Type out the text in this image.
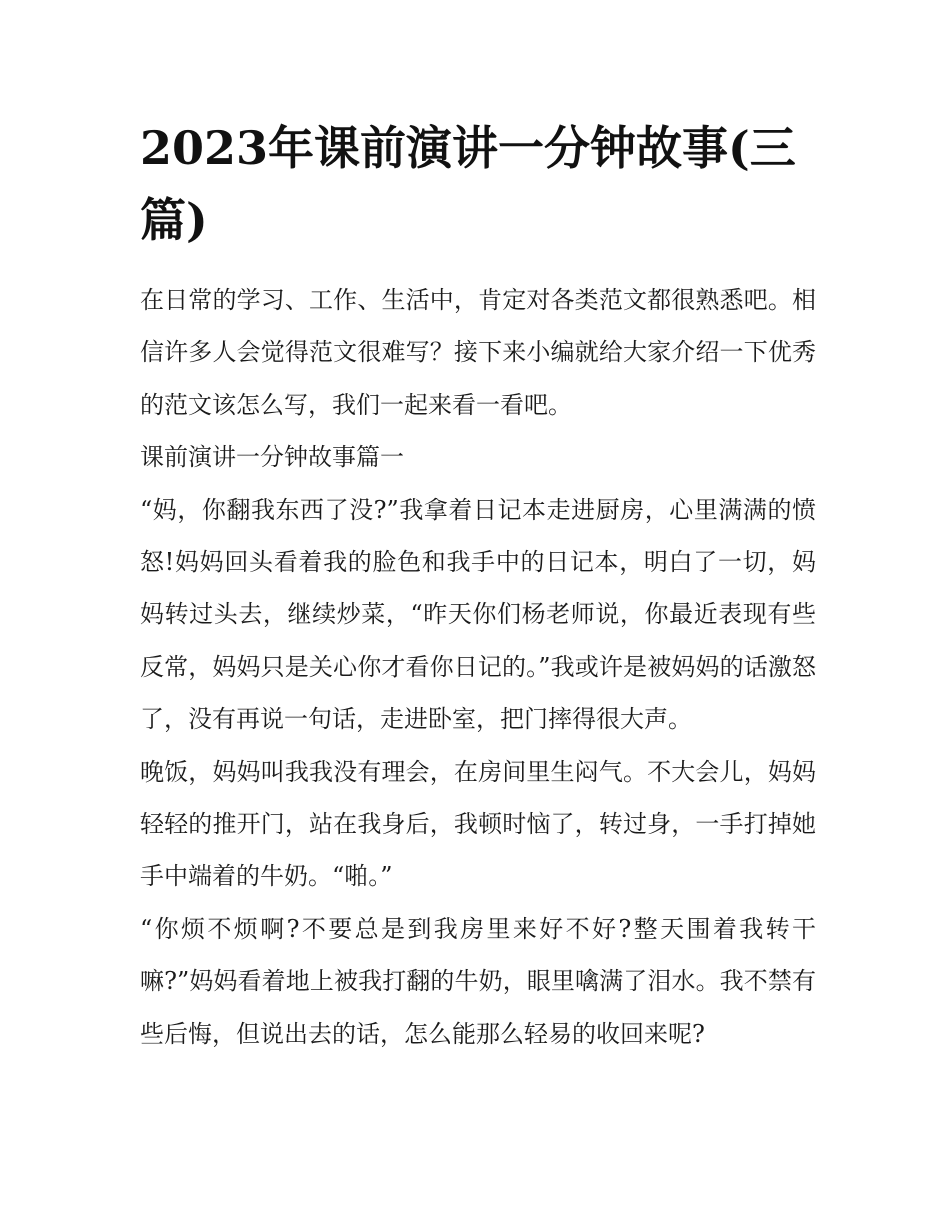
2023年课前演讲一分钟故事(三篇)

在日常的学习、工作、生活中，肯定对各类范文都很熟悉吧。相信许多人会觉得范文很难写？接下来小编就给大家介绍一下优秀的范文该怎么写，我们一起来看一看吧。

课前演讲一分钟故事篇一

“妈，你翻我东西了没?”我拿着日记本走进厨房，心里满满的愤怒!妈妈回头看着我的脸色和我手中的日记本，明白了一切，妈妈转过头去，继续炒菜，“昨天你们杨老师说，你最近表现有些反常，妈妈只是关心你才看你日记的。”我或许是被妈妈的话激怒了，没有再说一句话，走进卧室，把门摔得很大声。

晚饭，妈妈叫我我没有理会，在房间里生闷气。不大会儿，妈妈轻轻的推开门，站在我身后，我顿时恼了，转过身，一手打掉她手中端着的牛奶。“啪。”

“你烦不烦啊?不要总是到我房里来好不好?整天围着我转干嘛?”妈妈看着地上被我打翻的牛奶，眼里噙满了泪水。我不禁有些后悔，但说出去的话，怎么能那么轻易的收回来呢?
